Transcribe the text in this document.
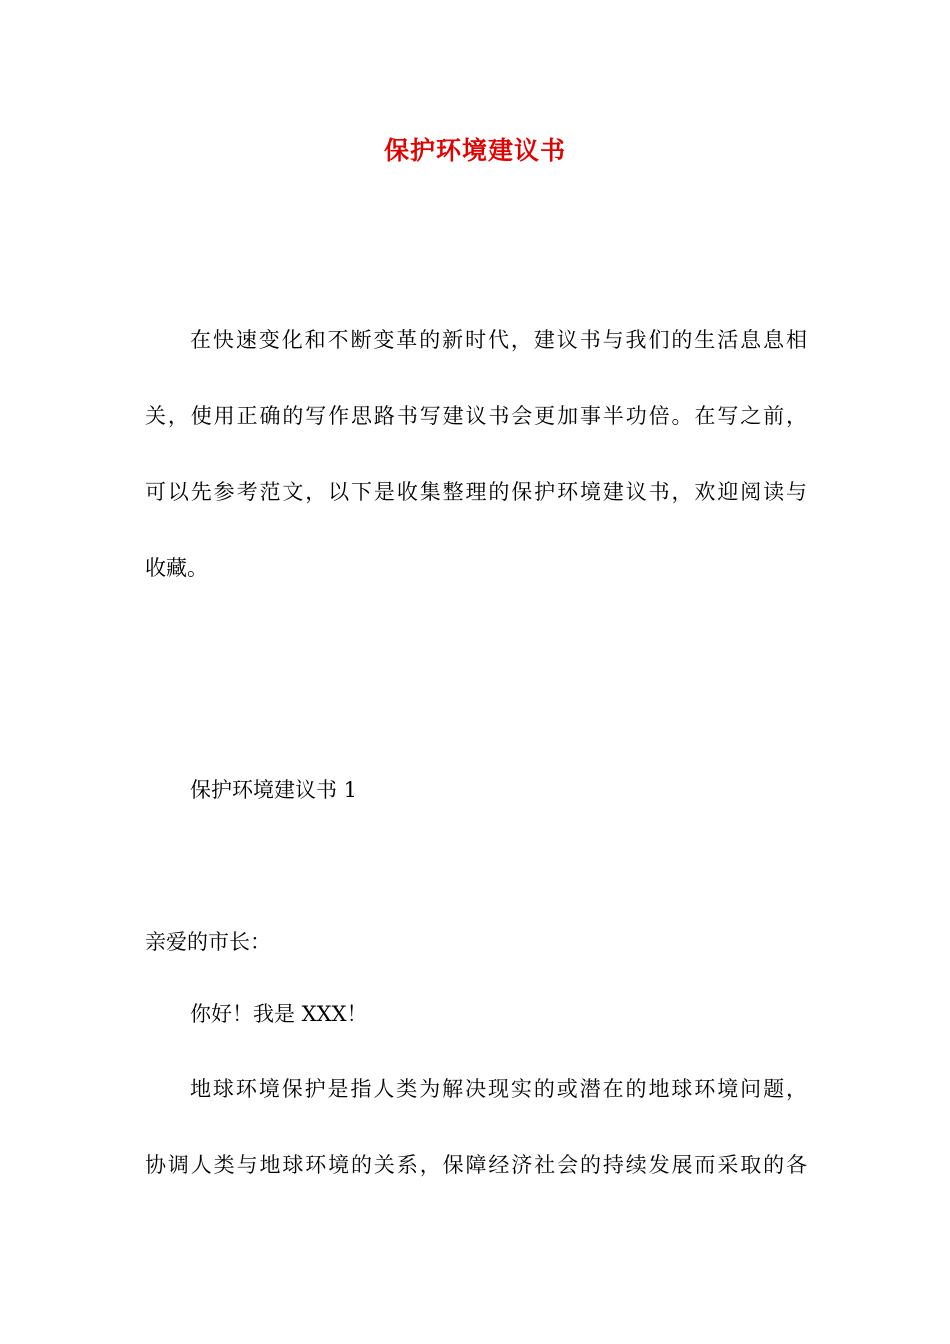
保护环境建议书

在快速变化和不断变革的新时代，建议书与我们的生活息息相

关，使用正确的写作思路书写建议书会更加事半功倍。在写之前，

可以先参考范文，以下是收集整理的保护环境建议书，欢迎阅读与

收藏。

保护环境建议书 1

亲爱的市长：

你好！我是 XXX！

地球环境保护是指人类为解决现实的或潜在的地球环境问题，

协调人类与地球环境的关系，保障经济社会的持续发展而采取的各
